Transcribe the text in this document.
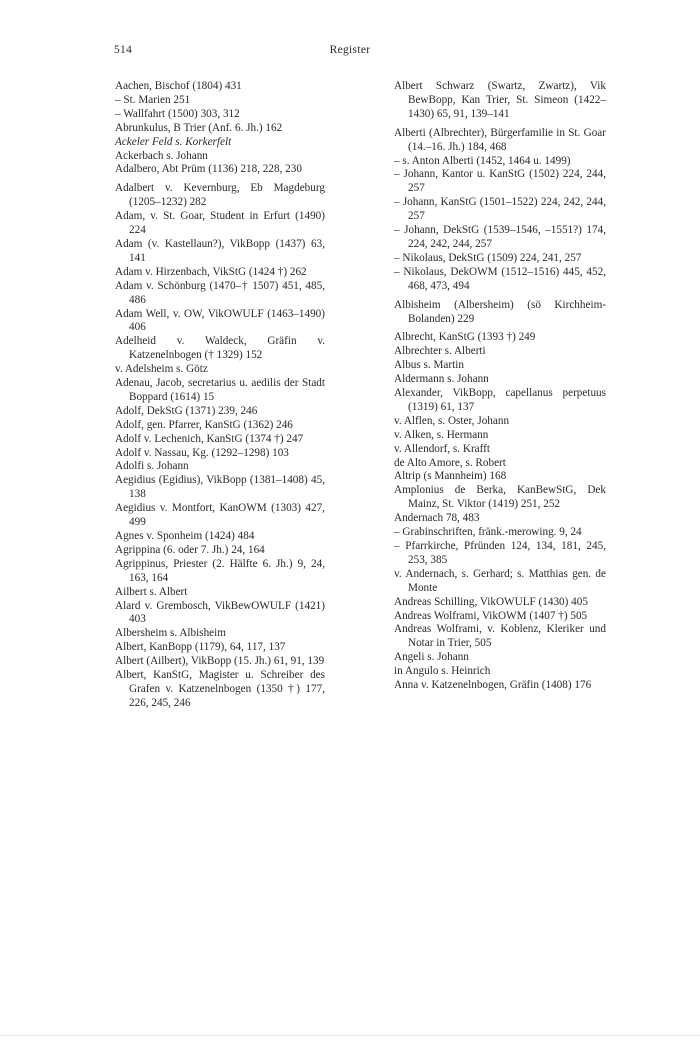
514	Register

Aachen, Bischof (1804) 431

– St. Marien 251

– Wallfahrt (1500) 303, 312

Abrunkulus, B Trier (Anf. 6. Jh.) 162

Ackeler Feld s. Korkerfelt

Ackerbach s. Johann

Adalbero, Abt Prüm (1136) 218, 228, 230

Adalbert v. Kevernburg, Eb Magdeburg (1205–1232) 282

Adam, v. St. Goar, Student in Erfurt (1490) 224

Adam (v. Kastellaun?), VikBopp (1437) 63, 141

Adam v. Hirzenbach, VikStG (1424 †) 262

Adam v. Schönburg (1470–† 1507) 451, 485, 486

Adam Well, v. OW, VikOWULF (1463–1490) 406

Adelheid v. Waldeck, Gräfin v. Katzenelnbogen († 1329) 152

v. Adelsheim s. Götz

Adenau, Jacob, secretarius u. aedilis der Stadt Boppard (1614) 15

Adolf, DekStG (1371) 239, 246

Adolf, gen. Pfarrer, KanStG (1362) 246

Adolf v. Lechenich, KanStG (1374 †) 247

Adolf v. Nassau, Kg. (1292–1298) 103

Adolfi s. Johann

Aegidius (Egidius), VikBopp (1381–1408) 45, 138

Aegidius v. Montfort, KanOWM (1303) 427, 499

Agnes v. Sponheim (1424) 484

Agrippina (6. oder 7. Jh.) 24, 164

Agrippinus, Priester (2. Hälfte 6. Jh.) 9, 24, 163, 164

Ailbert s. Albert

Alard v. Grembosch, VikBewOWULF (1421) 403

Albersheim s. Albisheim

Albert, KanBopp (1179), 64, 117, 137

Albert (Ailbert), VikBopp (15. Jh.) 61, 91, 139

Albert, KanStG, Magister u. Schreiber des Grafen v. Katzenelnbogen (1350 †) 177, 226, 245, 246

Albert Schwarz (Swartz, Zwartz), Vik BewBopp, Kan Trier, St. Simeon (1422–1430) 65, 91, 139–141

Alberti (Albrechter), Bürgerfamilie in St. Goar (14.–16. Jh.) 184, 468

– s. Anton Alberti (1452, 1464 u. 1499)

– Johann, Kantor u. KanStG (1502) 224, 244, 257

– Johann, KanStG (1501–1522) 224, 242, 244, 257

– Johann, DekStG (1539–1546, –1551?) 174, 224, 242, 244, 257

– Nikolaus, DekStG (1509) 224, 241, 257

– Nikolaus, DekOWM (1512–1516) 445, 452, 468, 473, 494

Albisheim (Albersheim) (sö Kirchheim-Bolanden) 229

Albrecht, KanStG (1393 †) 249

Albrechter s. Alberti

Albus s. Martin

Aldermann s. Johann

Alexander, VikBopp, capellanus perpetuus (1319) 61, 137

v. Alflen, s. Oster, Johann

v. Alken, s. Hermann

v. Allendorf, s. Krafft

de Alto Amore, s. Robert

Altrip (s Mannheim) 168

Amplonius de Berka, KanBewStG, Dek Mainz, St. Viktor (1419) 251, 252

Andernach 78, 483

– Grabinschriften, fränk.-merowing. 9, 24

– Pfarrkirche, Pfründen 124, 134, 181, 245, 253, 385

v. Andernach, s. Gerhard; s. Matthias gen. de Monte

Andreas Schilling, VikOWULF (1430) 405

Andreas Wolframi, VikOWM (1407 †) 505

Andreas Wolframi, v. Koblenz, Kleriker und Notar in Trier, 505

Angeli s. Johann

in Angulo s. Heinrich

Anna v. Katzenelnbogen, Gräfin (1408) 176
